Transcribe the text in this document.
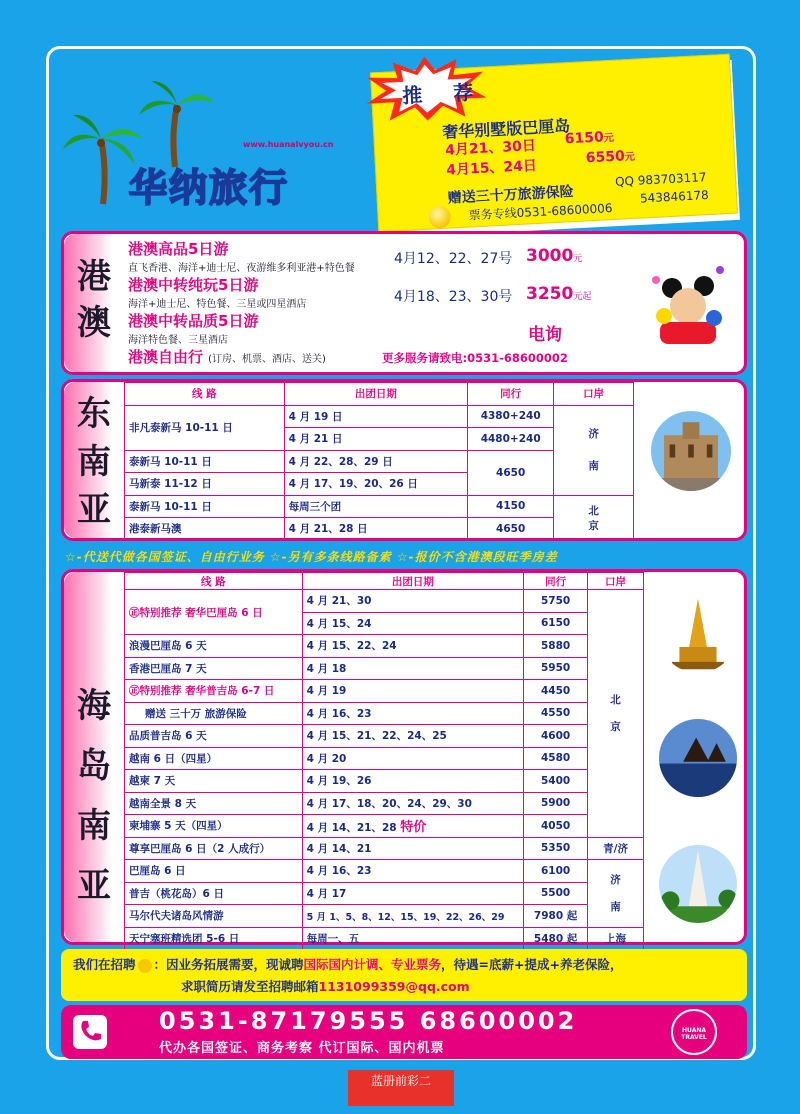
www.huanalvyou.cn
华纳旅行
推 荐
奢华别墅版巴厘岛
4月21、30日 6150元
4月15、24日
6550元
赠送三十万旅游保险
票务专线0531-68600006
QQ 983703117
543846178
港
澳
港澳高品5日游
直飞香港、海洋+迪士尼、夜游维多利亚港+特色餐
4月12、22、27号 3000元
港澳中转纯玩5日游
海洋+迪士尼、特色餐、三星或四星酒店	4月18、23、30号 3250元起
港澳中转品质5日游
海洋特色餐、三星酒店	电询
港澳自由行 (订房、机票、酒店、送关)	更多服务请致电:0531-68600002
东
南
亚
线 路	出团日期	同行	口岸
非凡泰新马 10-11 日	4 月 19 日	4380+240	济
南

	4 月 21 日	4480+240	
泰新马 10-11 日	4 月 22、28、29 日	4650	
马新泰 11-12 日	4 月 17、19、20、26 日		
泰新马 10-11 日	每周三个团	4150	北
京

港泰新马澳	4 月 21、28 日	4650	
☆-代送代做各国签证、自由行业务 ☆-另有多条线路备索 ☆-报价不含港澳段旺季房差
海
岛
南
亚
线 路	出团日期	同行	口岸
㊣特别推荐 奢华巴厘岛 6 日	4 月 21、30	5750	北

京
	4 月 15、24	6150	
浪漫巴厘岛 6 天	4 月 15、22、24	5880	
香港巴厘岛 7 天	4 月 18	5950	
㊣特别推荐 奢华普吉岛 6-7 日	4 月 19	4450	
赠送 三十万 旅游保险	4 月 16、23	4550	
品质普吉岛 6 天	4 月 15、21、22、24、25	4600	
越南 6 日（四星）	4 月 20	4580	
越柬 7 天	4 月 19、26	5400	
越南全景 8 天	4 月 17、18、20、24、29、30	5900	
柬埔寨 5 天（四星）	4 月 14、21、28 特价	4050	
尊享巴厘岛 6 日（2 人成行）	4 月 14、21	5350	青/济
巴厘岛 6 日	4 月 16、23	6100	济

南
普吉（桃花岛）6 日	4 月 17	5500	
马尔代夫诸岛风情游	5 月 1、5、8、12、15、19、22、26、29	7980 起	
天宁塞班精选团 5-6 日	每周一、五	5480 起	上海
我们在招聘 ：因业务拓展需要，现诚聘国际国内计调、专业票务，待遇=底薪+提成+养老保险，
求职简历请发至招聘邮箱1131099359@qq.com
0531-87179555 68600002
代办各国签证、商务考察 代订国际、国内机票
HUANA TRAVEL
蓝册前彩二
